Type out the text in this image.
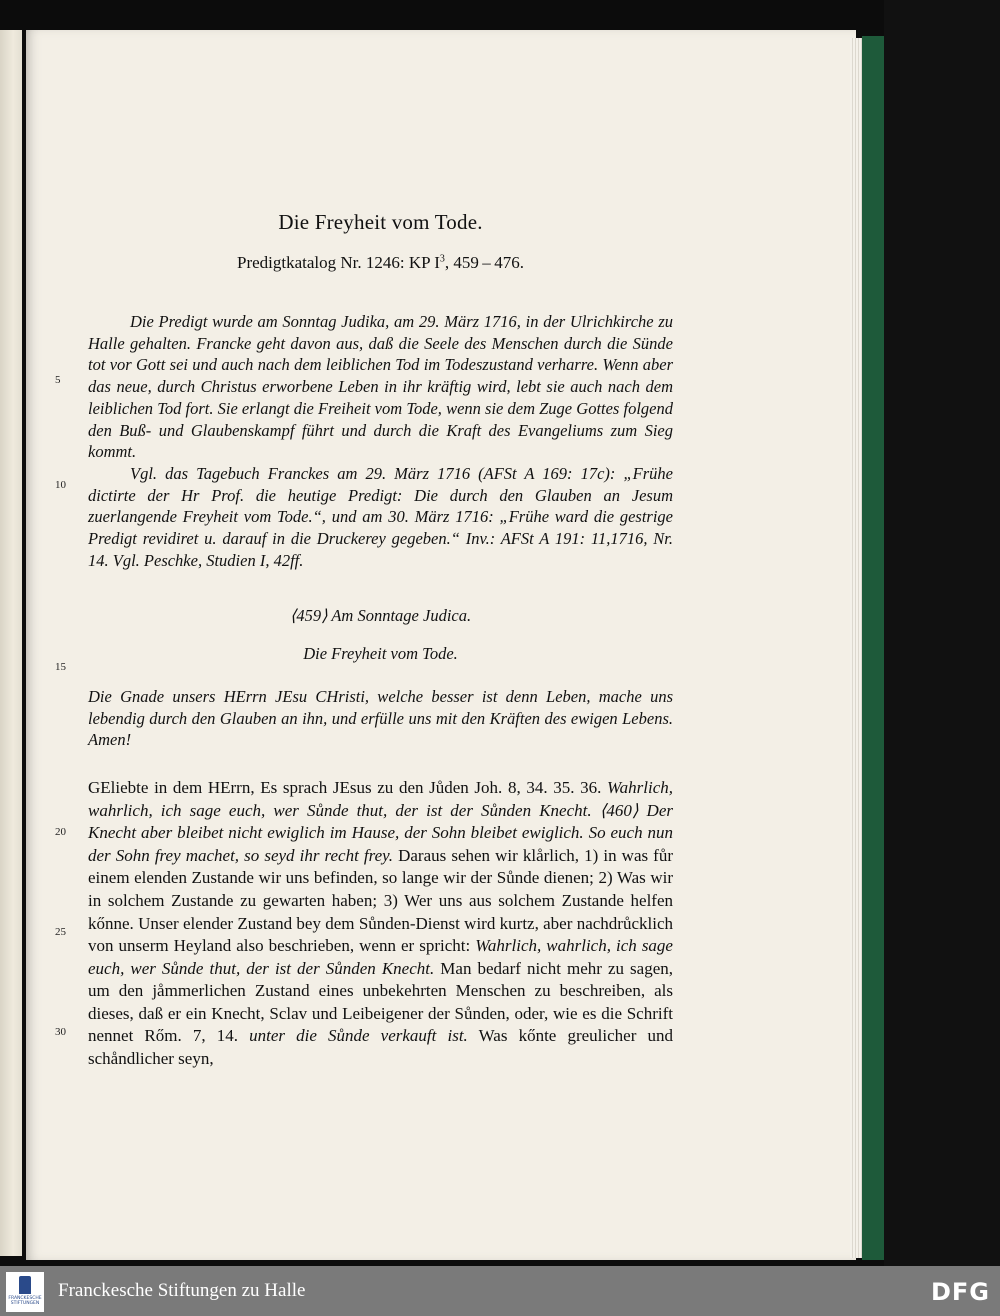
Die Freyheit vom Tode.
Predigtkatalog Nr. 1246: KP $I^3$, 459 – 476.

Die Predigt wurde am Sonntag Judika, am 29. März 1716, in der Ulrichkirche zu Halle gehalten. Francke geht davon aus, daß die Seele des Menschen durch die Sünde tot vor Gott sei und auch nach dem leiblichen Tod im Todeszustand verharre. Wenn aber das neue, durch Christus erworbene Leben in ihr kräftig wird, lebt sie auch nach dem leiblichen Tod fort. Sie erlangt die Freiheit vom Tode, wenn sie dem Zuge Gottes folgend den Buß- und Glaubenskampf führt und durch die Kraft des Evangeliums zum Sieg kommt.

Vgl. das Tagebuch Franckes am 29. März 1716 (AFSt A 169: 17c): „Frühe dictirte der Hr Prof. die heutige Predigt: Die durch den Glauben an Jesum zuerlangende Freyheit vom Tode.“, und am 30. März 1716: „Frühe ward die gestrige Predigt revidiret u. darauf in die Druckerey gegeben.“ Inv.: AFSt A 191: 11,1716, Nr. 14. Vgl. Peschke, Studien I, 42ff.

⟨459⟩ Am Sonntage Judica.
Die Freyheit vom Tode.
Die Gnade unsers HErrn JEsu CHristi, welche besser ist denn Leben, mache uns lebendig durch den Glauben an ihn, und erfülle uns mit den Kräften des ewigen Lebens. Amen!
GEliebte in dem HErrn, Es sprach JEsus zu den Jůden Joh. 8, 34. 35. 36. Wahrlich, wahrlich, ich sage euch, wer Sůnde thut, der ist der Sůnden Knecht. ⟨460⟩ Der Knecht aber bleibet nicht ewiglich im Hause, der Sohn bleibet ewiglich. So euch nun der Sohn frey machet, so seyd ihr recht frey. Daraus sehen wir klårlich, 1) in was fůr einem elenden Zustande wir uns befinden, so lange wir der Sůnde dienen; 2) Was wir in solchem Zustande zu gewarten haben; 3) Wer uns aus solchem Zustande helfen kőnne. Unser elender Zustand bey dem Sůnden-Dienst wird kurtz, aber nachdrůcklich von unserm Heyland also beschrieben, wenn er spricht: Wahrlich, wahrlich, ich sage euch, wer Sůnde thut, der ist der Sůnden Knecht. Man bedarf nicht mehr zu sagen, um den jåmmerlichen Zustand eines unbekehrten Menschen zu beschreiben, als dieses, daß er ein Knecht, Sclav und Leibeigener der Sůnden, oder, wie es die Schrift nennet Rőm. 7, 14. unter die Sůnde verkauft ist. Was kőnte greulicher und schåndlicher seyn,
5
10
15
20
25
30
FRANCKESCHE STIFTUNGEN
Franckesche Stiftungen zu Halle	DFG
